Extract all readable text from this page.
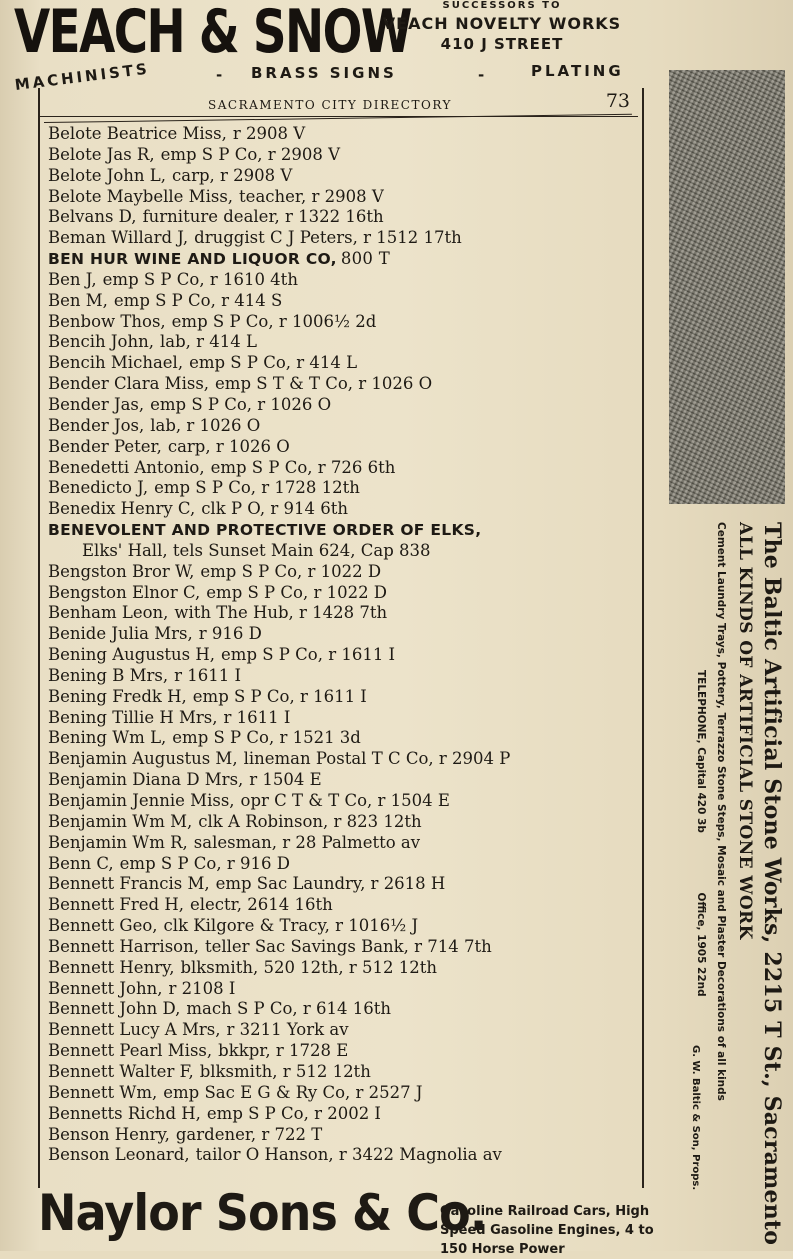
VEACH & SNOW	SUCCESSORS TO
VEACH NOVELTY WORKS
410 J STREET
MACHINISTS	- BRASS SIGNS	-	PLATING
SACRAMENTO CITY DIRECTORY	73
Belote Beatrice Miss, r 2908 V
Belote Jas R, emp S P Co, r 2908 V
Belote John L, carp, r 2908 V
Belote Maybelle Miss, teacher, r 2908 V
Belvans D, furniture dealer, r 1322 16th
Beman Willard J, druggist C J Peters, r 1512 17th
BEN HUR WINE AND LIQUOR CO, 800 T
Ben J, emp S P Co, r 1610 4th
Ben M, emp S P Co, r 414 S
Benbow Thos, emp S P Co, r 1006½ 2d
Bencih John, lab, r 414 L
Bencih Michael, emp S P Co, r 414 L
Bender Clara Miss, emp S T & T Co, r 1026 O
Bender Jas, emp S P Co, r 1026 O
Bender Jos, lab, r 1026 O
Bender Peter, carp, r 1026 O
Benedetti Antonio, emp S P Co, r 726 6th
Benedicto J, emp S P Co, r 1728 12th
Benedix Henry C, clk P O, r 914 6th
BENEVOLENT AND PROTECTIVE ORDER OF ELKS,
Elks' Hall, tels Sunset Main 624, Cap 838
Bengston Bror W, emp S P Co, r 1022 D
Bengston Elnor C, emp S P Co, r 1022 D
Benham Leon, with The Hub, r 1428 7th
Benide Julia Mrs, r 916 D
Bening Augustus H, emp S P Co, r 1611 I
Bening B Mrs, r 1611 I
Bening Fredk H, emp S P Co, r 1611 I
Bening Tillie H Mrs, r 1611 I
Bening Wm L, emp S P Co, r 1521 3d
Benjamin Augustus M, lineman Postal T C Co, r 2904 P
Benjamin Diana D Mrs, r 1504 E
Benjamin Jennie Miss, opr C T & T Co, r 1504 E
Benjamin Wm M, clk A Robinson, r 823 12th
Benjamin Wm R, salesman, r 28 Palmetto av
Benn C, emp S P Co, r 916 D
Bennett Francis M, emp Sac Laundry, r 2618 H
Bennett Fred H, electr, 2614 16th
Bennett Geo, clk Kilgore & Tracy, r 1016½ J
Bennett Harrison, teller Sac Savings Bank, r 714 7th
Bennett Henry, blksmith, 520 12th, r 512 12th
Bennett John, r 2108 I
Bennett John D, mach S P Co, r 614 16th
Bennett Lucy A Mrs, r 3211 York av
Bennett Pearl Miss, bkkpr, r 1728 E
Bennett Walter F, blksmith, r 512 12th
Bennett Wm, emp Sac E G & Ry Co, r 2527 J
Bennetts Richd H, emp S P Co, r 2002 I
Benson Henry, gardener, r 722 T
Benson Leonard, tailor O Hanson, r 3422 Magnolia av	The Baltic Artificial Stone Works, 2215 T St., Sacramento
ALL KINDS OF ARTIFICIAL STONE WORK
Cement Laundry Trays, Pottery, Terrazzo Stone Steps, Mosaic and Plaster Decorations of all kinds
TELEPHONE, Capital 420 3b Office, 1905 22nd
G. W. Baltic & Son, Props.
Naylor Sons & Co.
Gasoline Railroad Cars, High
Speed Gasoline Engines, 4 to
150 Horse Power
